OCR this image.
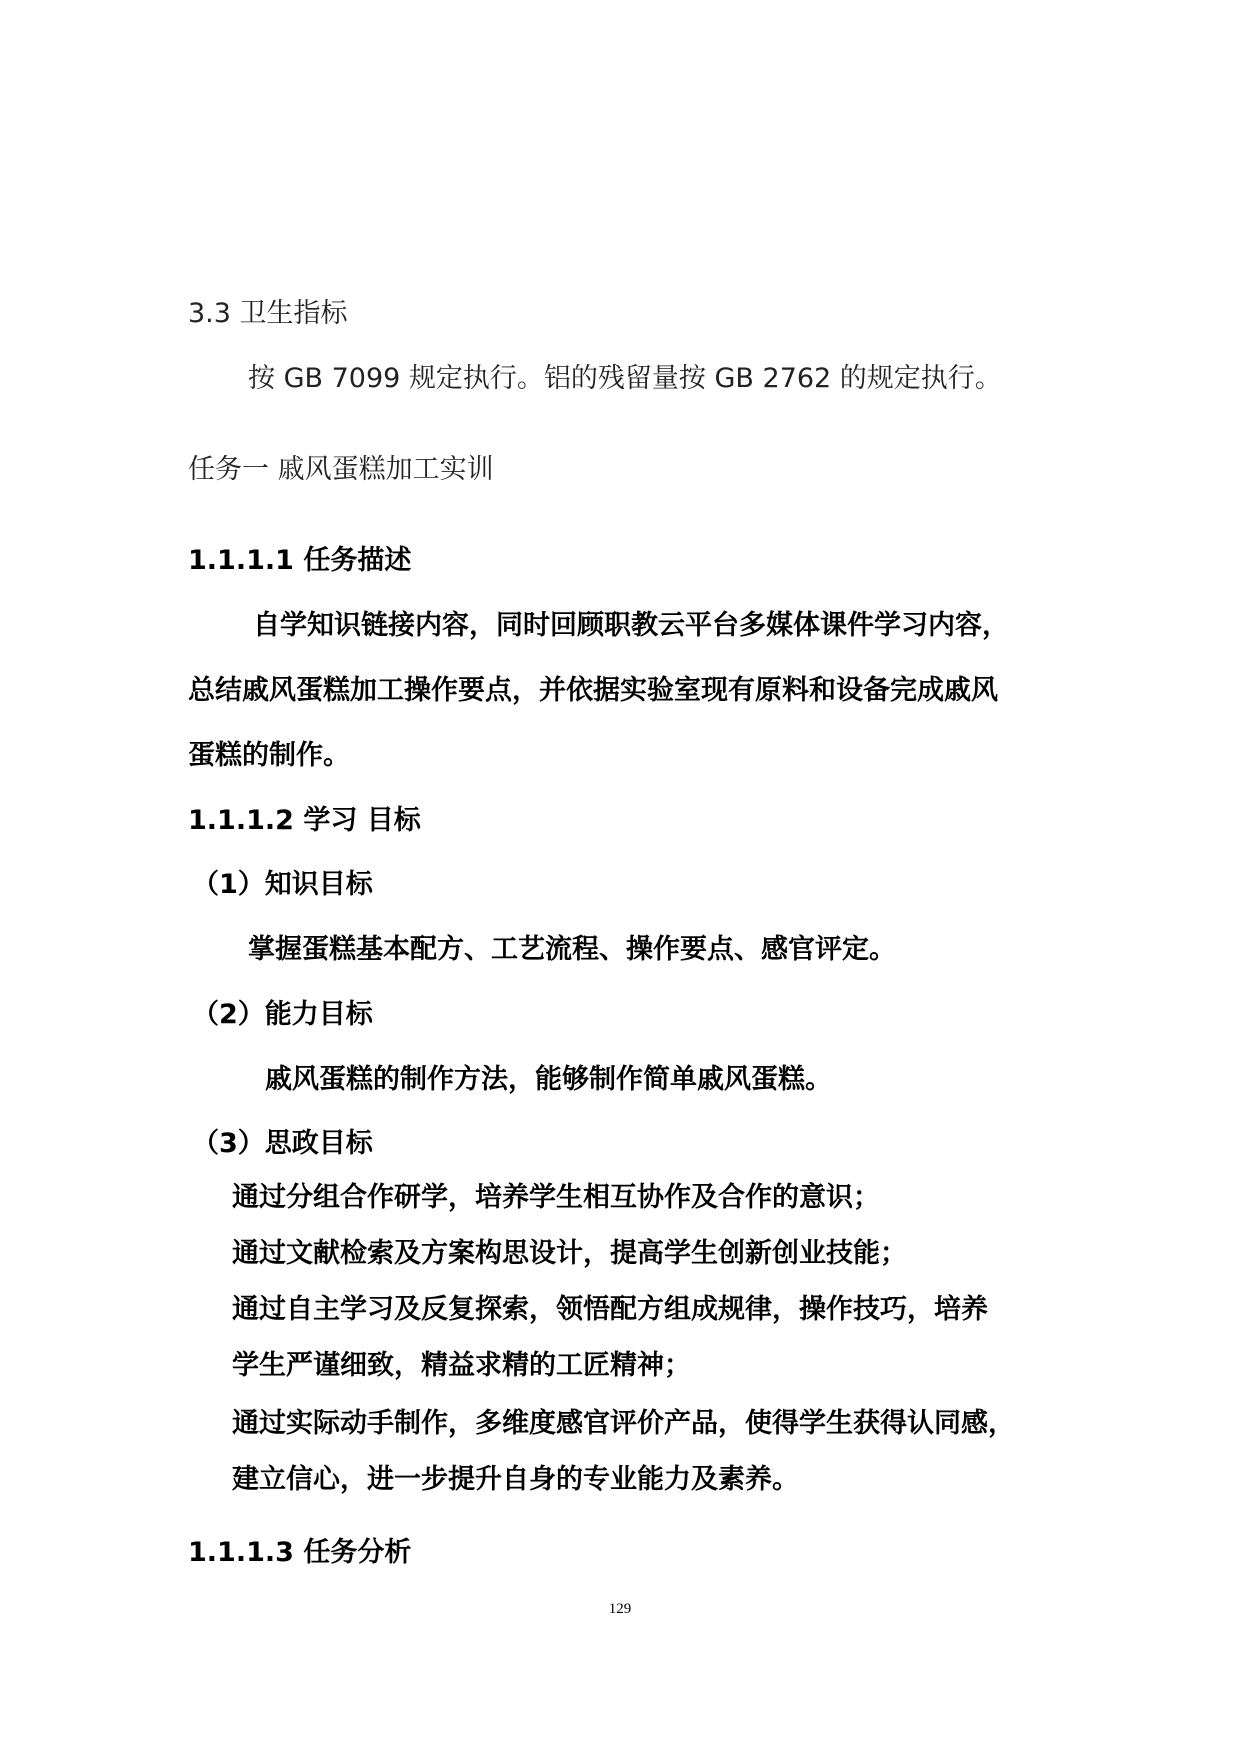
3.3 卫生指标
按 GB 7099 规定执行。铝的残留量按 GB 2762 的规定执行。
任务一 戚风蛋糕加工实训
1.1.1.1 任务描述
自学知识链接内容，同时回顾职教云平台多媒体课件学习内容，
总结戚风蛋糕加工操作要点，并依据实验室现有原料和设备完成戚风
蛋糕的制作。
1.1.1.2 学习 目标
（1）知识目标
掌握蛋糕基本配方、工艺流程、操作要点、感官评定。
（2）能力目标
戚风蛋糕的制作方法，能够制作简单戚风蛋糕。
（3）思政目标
通过分组合作研学，培养学生相互协作及合作的意识；
通过文献检索及方案构思设计，提高学生创新创业技能；
通过自主学习及反复探索，领悟配方组成规律，操作技巧，培养
学生严谨细致，精益求精的工匠精神；
通过实际动手制作，多维度感官评价产品，使得学生获得认同感，
建立信心，进一步提升自身的专业能力及素养。
1.1.1.3 任务分析
129
